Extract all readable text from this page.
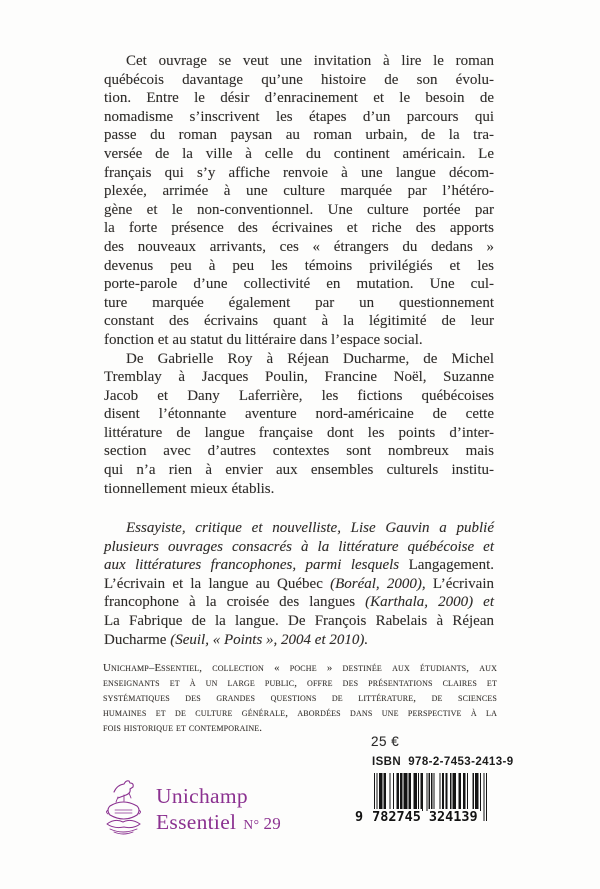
Cet ouvrage se veut une invitation à lire le roman
québécois davantage qu’une histoire de son évolu-
tion. Entre le désir d’enracinement et le besoin de
nomadisme s’inscrivent les étapes d’un parcours qui
passe du roman paysan au roman urbain, de la tra-
versée de la ville à celle du continent américain. Le
français qui s’y affiche renvoie à une langue décom-
plexée, arrimée à une culture marquée par l’hétéro-
gène et le non-conventionnel. Une culture portée par
la forte présence des écrivaines et riche des apports
des nouveaux arrivants, ces « étrangers du dedans »
devenus peu à peu les témoins privilégiés et les
porte-parole d’une collectivité en mutation. Une cul-
ture marquée également par un questionnement
constant des écrivains quant à la légitimité de leur
fonction et au statut du littéraire dans l’espace social.
De Gabrielle Roy à Réjean Ducharme, de Michel
Tremblay à Jacques Poulin, Francine Noël, Suzanne
Jacob et Dany Laferrière, les fictions québécoises
disent l’étonnante aventure nord-américaine de cette
littérature de langue française dont les points d’inter-
section avec d’autres contextes sont nombreux mais
qui n’a rien à envier aux ensembles culturels institu-
tionnellement mieux établis.
Essayiste, critique et nouvelliste, Lise Gauvin a publié
plusieurs ouvrages consacrés à la littérature québécoise et
aux littératures francophones, parmi lesquels Langagement.
L’écrivain et la langue au Québec (Boréal, 2000), L’écrivain
francophone à la croisée des langues (Karthala, 2000) et
La Fabrique de la langue. De François Rabelais à Réjean
Ducharme (Seuil, « Points », 2004 et 2010).
Unichamp–Essentiel, collection « poche » destinée aux étudiants, aux
enseignants et à un large public, offre des présentations claires et
systématiques des grandes questions de littérature, de sciences
humaines et de culture générale, abordées dans une perspective à la
fois historique et contemporaine.
25 €
ISBN  978-2-7453-2413-9
9 782745 324139
Unichamp
Essentiel N° 29
